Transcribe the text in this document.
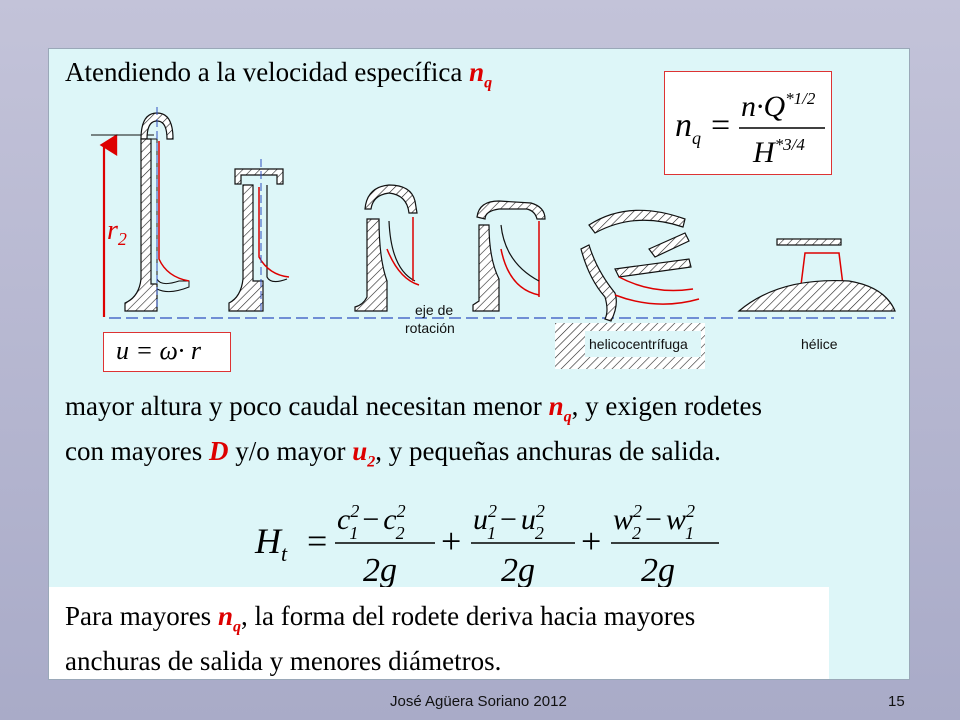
Atendiendo a la velocidad específica $n_q$
$r_2$
eje de
rotación
helicocentrífuga	hélice
$n_q$ =
$n\cdot Q^{*1/2}$
$H^{*3/4}$
u = ω· r
mayor altura y poco caudal necesitan menor $n_q$, y exigen rodetes
con mayores D y/o mayor $u_2$, y pequeñas anchuras de salida.
$H_t$ =
$c^2$ $1 - c^2$ 2
2g
+
$u^2$ $1 - u^2$ 2
2g
+
$w^2$ $2 - w^2$ 1
2g
Para mayores $n_q$, la forma del rodete deriva hacia mayores
anchuras de salida y menores diámetros.
José Agüera Soriano 2012	15
